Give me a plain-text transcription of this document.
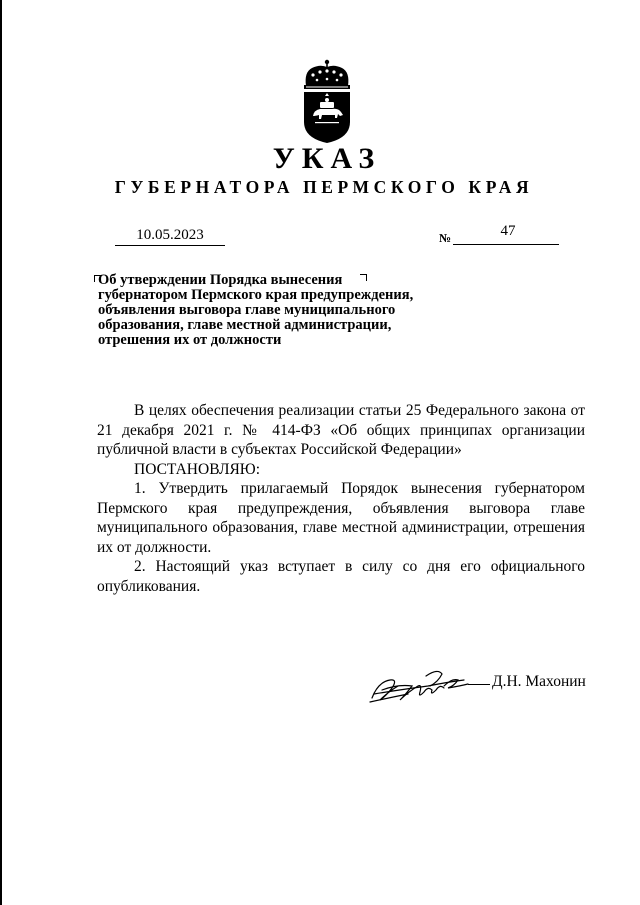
УКАЗ
ГУБЕРНАТОРА ПЕРМСКОГО КРАЯ
10.05.2023	№	47
Об утверждении Порядка вынесения
губернатором Пермского края предупреждения,
объявления выговора главе муниципального
образования, главе местной администрации,
отрешения их от должности

В целях обеспечения реализации статьи 25 Федерального закона от 21 декабря 2021 г. № 414-ФЗ «Об общих принципах организации публичной власти в субъектах Российской Федерации»

ПОСТАНОВЛЯЮ:

1. Утвердить прилагаемый Порядок вынесения губернатором Пермского края предупреждения, объявления выговора главе муниципального образования, главе местной администрации, отрешения их от должности.

2. Настоящий указ вступает в силу со дня его официального опубликования.

Д.Н. Махонин
